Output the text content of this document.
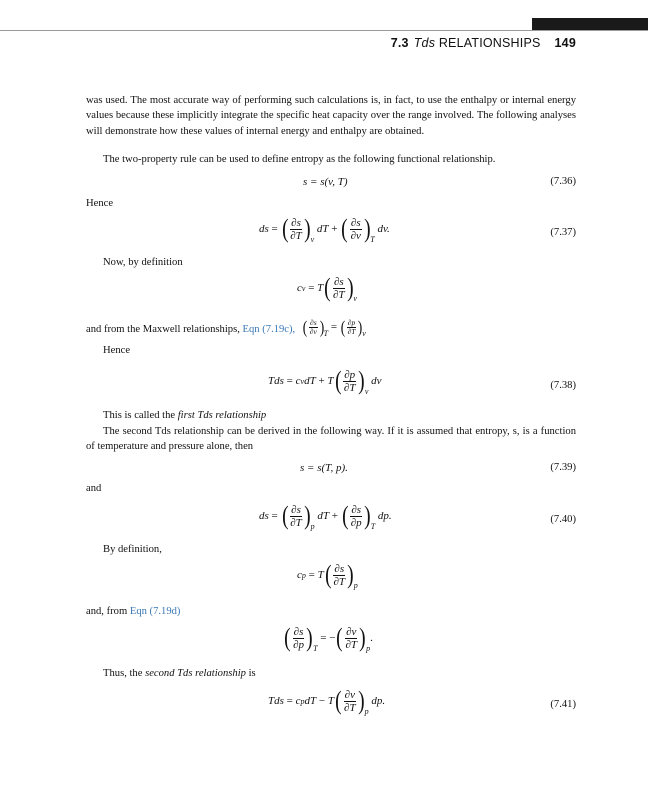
7.3 Tds RELATIONSHIPS 149
was used. The most accurate way of performing such calculations is, in fact, to use the enthalpy or internal energy values because these implicitly integrate the specific heat capacity over the range involved. The following analyses will demonstrate how these values of internal energy and enthalpy are obtained.
The two-property rule can be used to define entropy as the following functional relationship.
s = s(v, T)	(7.36)
Hence
ds = ( $\frac{\partial s}{\partial T}$ ) v
dT + ( $\frac{\partial s}{\partial v}$ ) T
dv.	(7.37)
Now, by definition
cv = T ( $\frac{\partial s}{\partial T}$ ) v
and from the Maxwell relationships, Eqn (7.19c), ( $\frac{\partial s}{\partial v}$ ) T
= ( $\frac{\partial p}{\partial T}$ ) v
Hence
T ds = cvdT + T ( $\frac{\partial p}{\partial T}$ ) v
dv	(7.38)
This is called the first Tds relationship
The second Tds relationship can be derived in the following way. If it is assumed that entropy, s, is a function of temperature and pressure alone, then
s = s(T, p).	(7.39)
and
ds = ( $\frac{\partial s}{\partial T}$ ) p
dT + ( $\frac{\partial s}{\partial p}$ ) T
dp.	(7.40)
By definition,
cp = T ( $\frac{\partial s}{\partial T}$ ) p
and, from Eqn (7.19d)
( $\frac{\partial s}{\partial p}$ ) T
= − ( $\frac{\partial v}{\partial T}$ ) p
.
Thus, the second Tds relationship is
T ds = cpdT − T ( $\frac{\partial v}{\partial T}$ ) p
dp.	(7.41)
